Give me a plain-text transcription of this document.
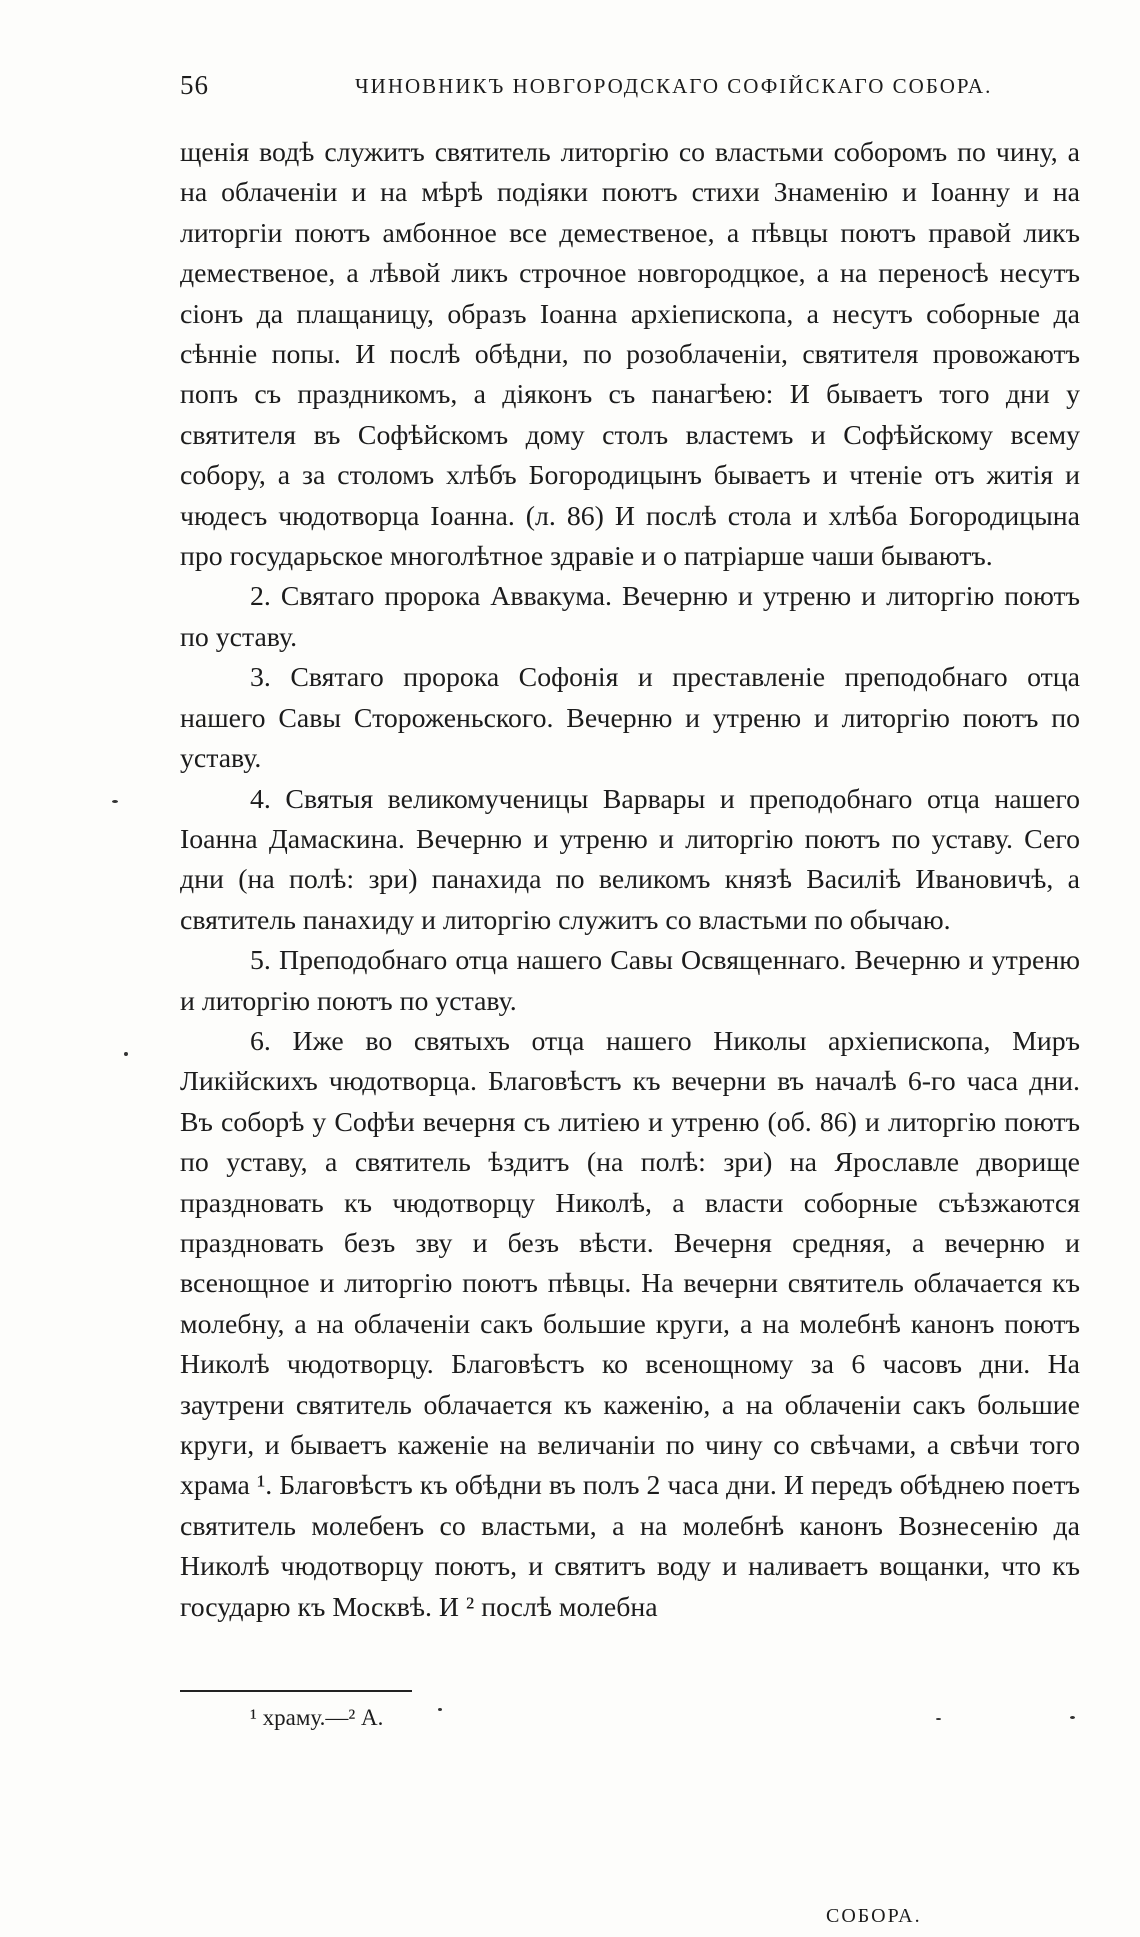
56	ЧИНОВНИКЪ НОВГОРОДСКАГО СОФІЙСКАГО СОБОРА.

щенія водѣ служитъ святитель литоргію со властьми соборомъ по чину, а на облаченіи и на мѣрѣ подіяки поютъ стихи Знаменію и Іоанну и на литоргіи поютъ амбонное все демественое, а пѣвцы поютъ правой ликъ демественое, а лѣвой ликъ строчное новгородцкое, а на переносѣ несутъ сіонъ да плащаницу, образъ Іоанна архіепископа, а несутъ соборные да сѣнніе попы. И послѣ обѣдни, по розоблаченіи, святителя провожаютъ попъ съ праздникомъ, а діяконъ съ панагѣею: И бываетъ того дни у святителя въ Софѣйскомъ дому столъ властемъ и Софѣйскому всему собору, а за столомъ хлѣбъ Богородицынъ бываетъ и чтеніе отъ житія и чюдесъ чюдотворца Іоанна. (л. 86) И послѣ стола и хлѣба Богородицына про государьское многолѣтное здравіе и о патріарше чаши бываютъ.

2. Святаго пророка Аввакума. Вечерню и утреню и литоргію поютъ по уставу.

3. Святаго пророка Софонія и преставленіе преподобнаго отца нашего Савы Стороженьского. Вечерню и утреню и литоргію поютъ по уставу.

4. Святыя великомученицы Варвары и преподобнаго отца нашего Іоанна Дамаскина. Вечерню и утреню и литоргію поютъ по уставу. Сего дни (на полѣ: зри) панахида по великомъ князѣ Василіѣ Ивановичѣ, а святитель панахиду и литоргію служитъ со властьми по обычаю.

5. Преподобнаго отца нашего Савы Освященнаго. Вечерню и утреню и литоргію поютъ по уставу.

6. Иже во святыхъ отца нашего Николы архіепископа, Миръ Ликійскихъ чюдотворца. Благовѣстъ къ вечерни въ началѣ 6-го часа дни. Въ соборѣ у Софѣи вечерня съ литіею и утреню (об. 86) и литоргію поютъ по уставу, а святитель ѣздитъ (на полѣ: зри) на Ярославле дворище праздновать къ чюдотворцу Николѣ, а власти соборные съѣзжаются праздновать безъ зву и безъ вѣсти. Вечерня средняя, а вечерню и всенощное и литоргію поютъ пѣвцы. На вечерни святитель облачается къ молебну, а на облаченіи сакъ большие круги, а на молебнѣ канонъ поютъ Николѣ чюдотворцу. Благовѣстъ ко всенощному за 6 часовъ дни. На заутрени святитель облачается къ каженію, а на облаченіи сакъ большие круги, и бываетъ каженіе на величаніи по чину со свѣчами, а свѣчи того храма ¹. Благовѣстъ къ обѣдни въ полъ 2 часа дни. И передъ обѣднею поетъ святитель молебенъ со властьми, а на молебнѣ канонъ Вознесенію да Николѣ чюдотворцу поютъ, и святитъ воду и наливаетъ вощанки, что къ государю къ Москвѣ. И ² послѣ молебна

¹ храму.—² А.
СОБОРА.
